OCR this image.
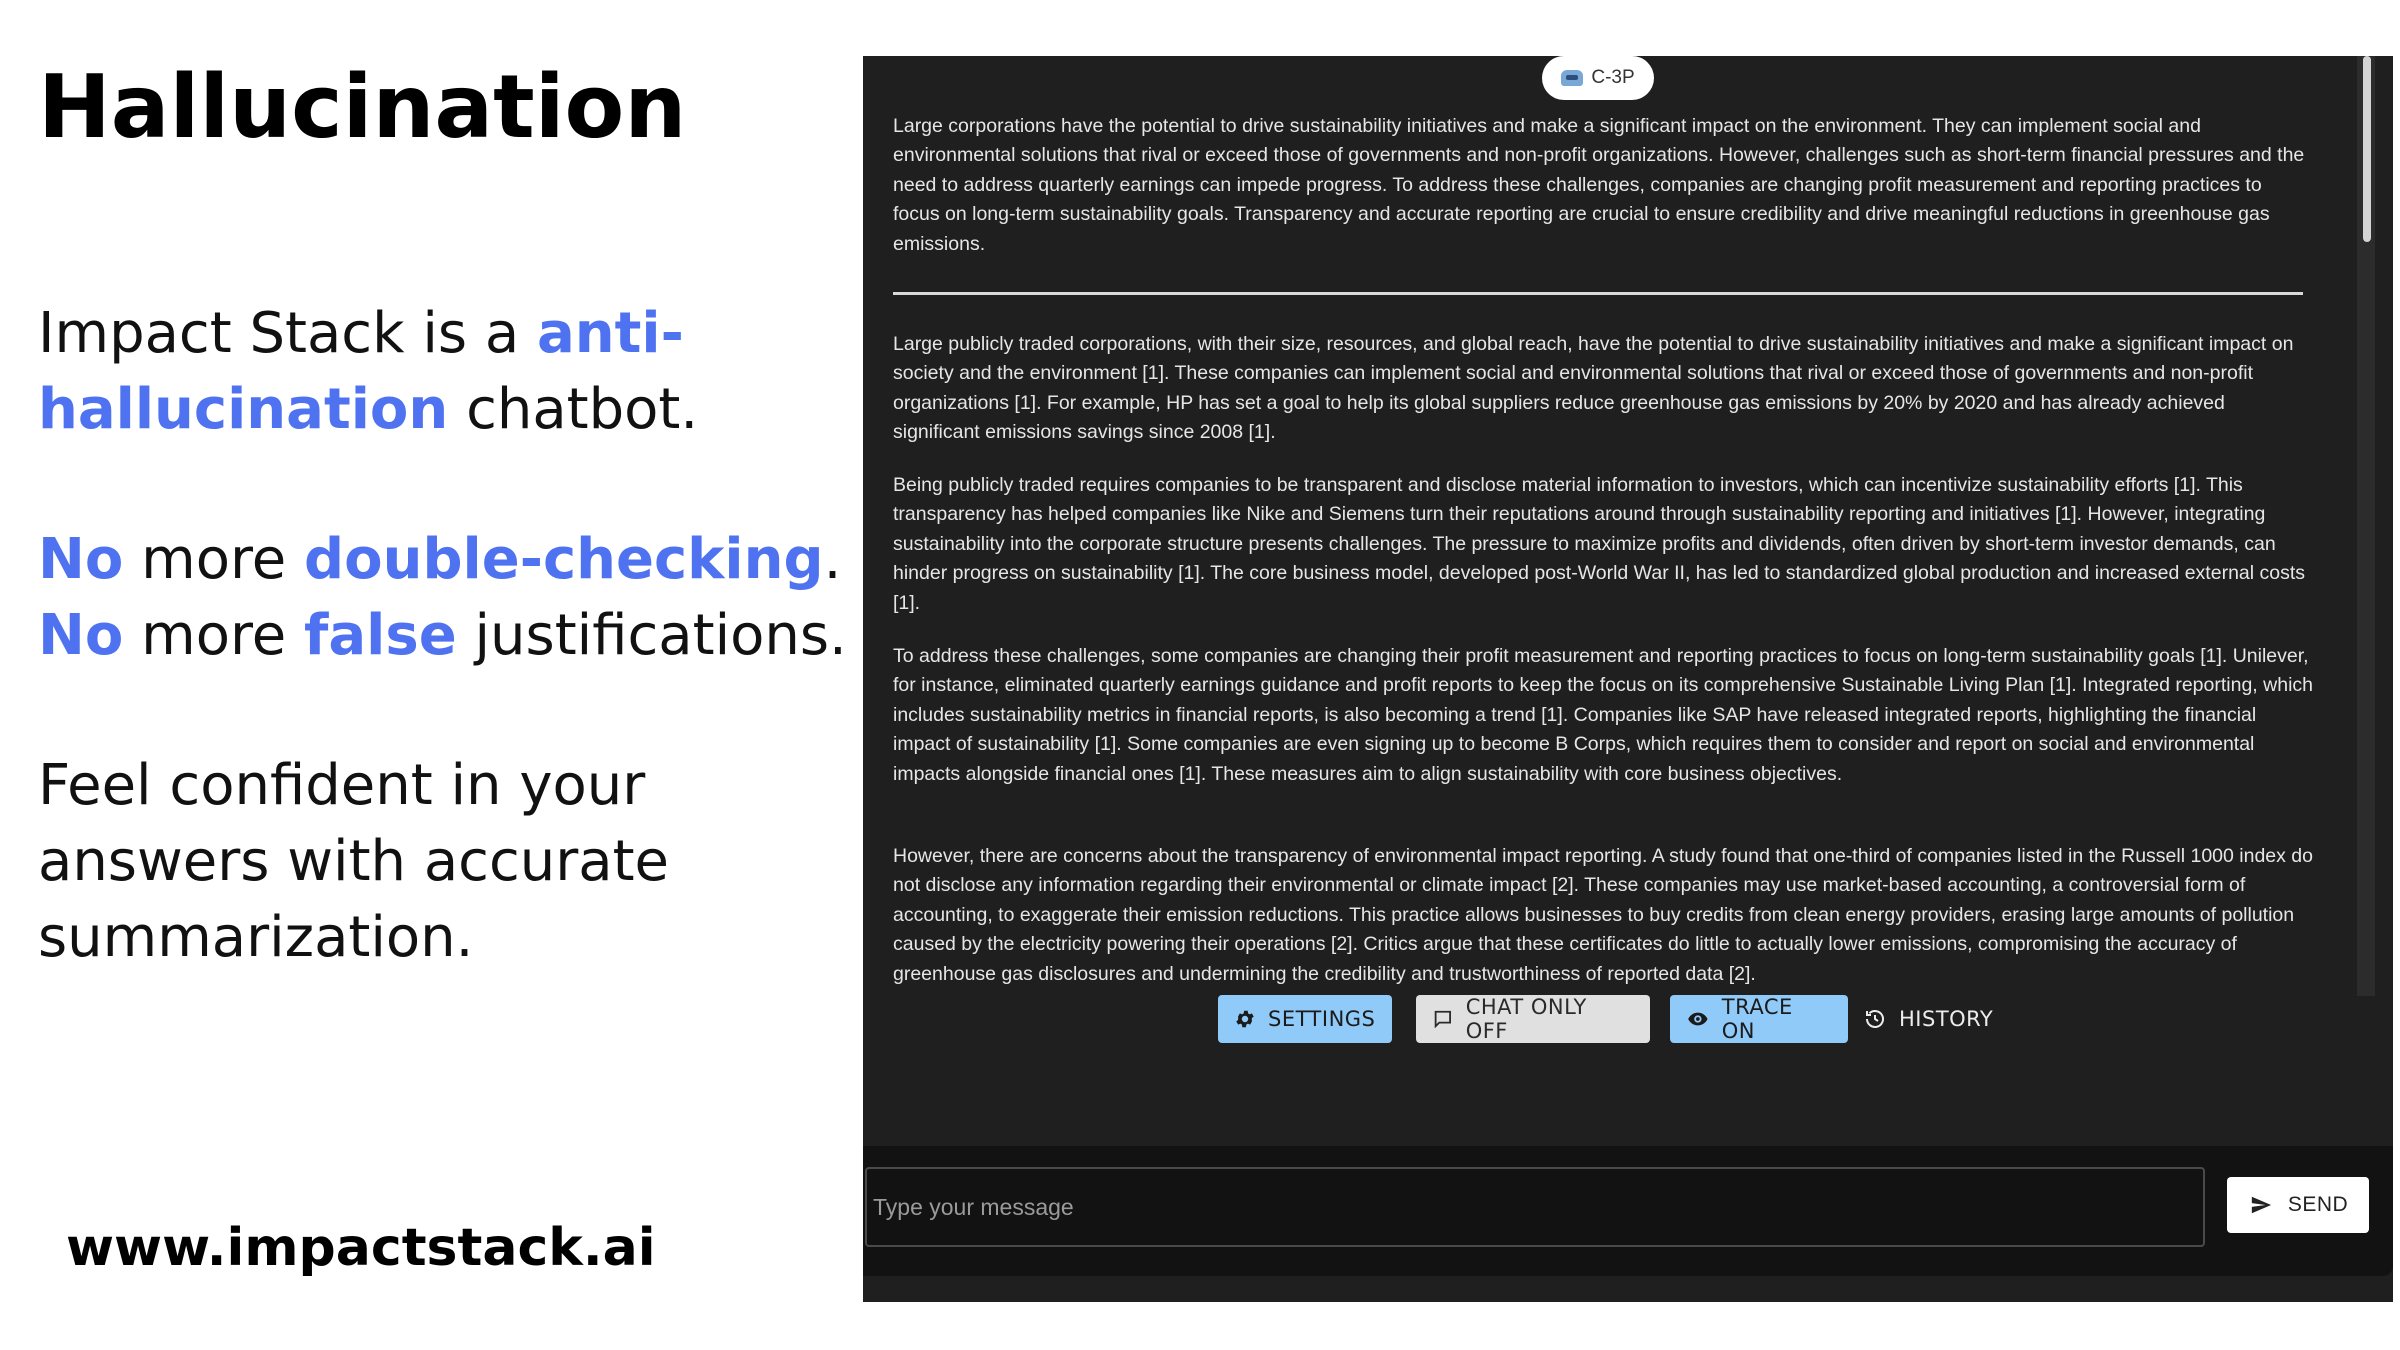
Hallucination

Impact Stack is a anti-hallucination chatbot.

No more double-checking.
No more false justifications.

Feel confident in your answers with accurate summarization.

www.impactstack.ai
C-3P

Large corporations have the potential to drive sustainability initiatives and make a significant impact on the environment. They can implement social and environmental solutions that rival or exceed those of governments and non-profit organizations. However, challenges such as short-term financial pressures and the need to address quarterly earnings can impede progress. To address these challenges, companies are changing profit measurement and reporting practices to focus on long-term sustainability goals. Transparency and accurate reporting are crucial to ensure credibility and drive meaningful reductions in greenhouse gas emissions.

Large publicly traded corporations, with their size, resources, and global reach, have the potential to drive sustainability initiatives and make a significant impact on society and the environment [1]. These companies can implement social and environmental solutions that rival or exceed those of governments and non-profit organizations [1]. For example, HP has set a goal to help its global suppliers reduce greenhouse gas emissions by 20% by 2020 and has already achieved significant emissions savings since 2008 [1].

Being publicly traded requires companies to be transparent and disclose material information to investors, which can incentivize sustainability efforts [1]. This transparency has helped companies like Nike and Siemens turn their reputations around through sustainability reporting and initiatives [1]. However, integrating sustainability into the corporate structure presents challenges. The pressure to maximize profits and dividends, often driven by short-term investor demands, can hinder progress on sustainability [1]. The core business model, developed post-World War II, has led to standardized global production and increased external costs [1].

To address these challenges, some companies are changing their profit measurement and reporting practices to focus on long-term sustainability goals [1]. Unilever, for instance, eliminated quarterly earnings guidance and profit reports to keep the focus on its comprehensive Sustainable Living Plan [1]. Integrated reporting, which includes sustainability metrics in financial reports, is also becoming a trend [1]. Companies like SAP have released integrated reports, highlighting the financial impact of sustainability [1]. Some companies are even signing up to become B Corps, which requires them to consider and report on social and environmental impacts alongside financial ones [1]. These measures aim to align sustainability with core business objectives.

However, there are concerns about the transparency of environmental impact reporting. A study found that one-third of companies listed in the Russell 1000 index do not disclose any information regarding their environmental or climate impact [2]. These companies may use market-based accounting, a controversial form of accounting, to exaggerate their emission reductions. This practice allows businesses to buy credits from clean energy providers, erasing large amounts of pollution caused by the electricity powering their operations [2]. Critics argue that these certificates do little to actually lower emissions, compromising the accuracy of greenhouse gas disclosures and undermining the credibility and trustworthiness of reported data [2].

SETTINGS	CHAT ONLY OFF
TRACE ON	HISTORY
Type your message
SEND
